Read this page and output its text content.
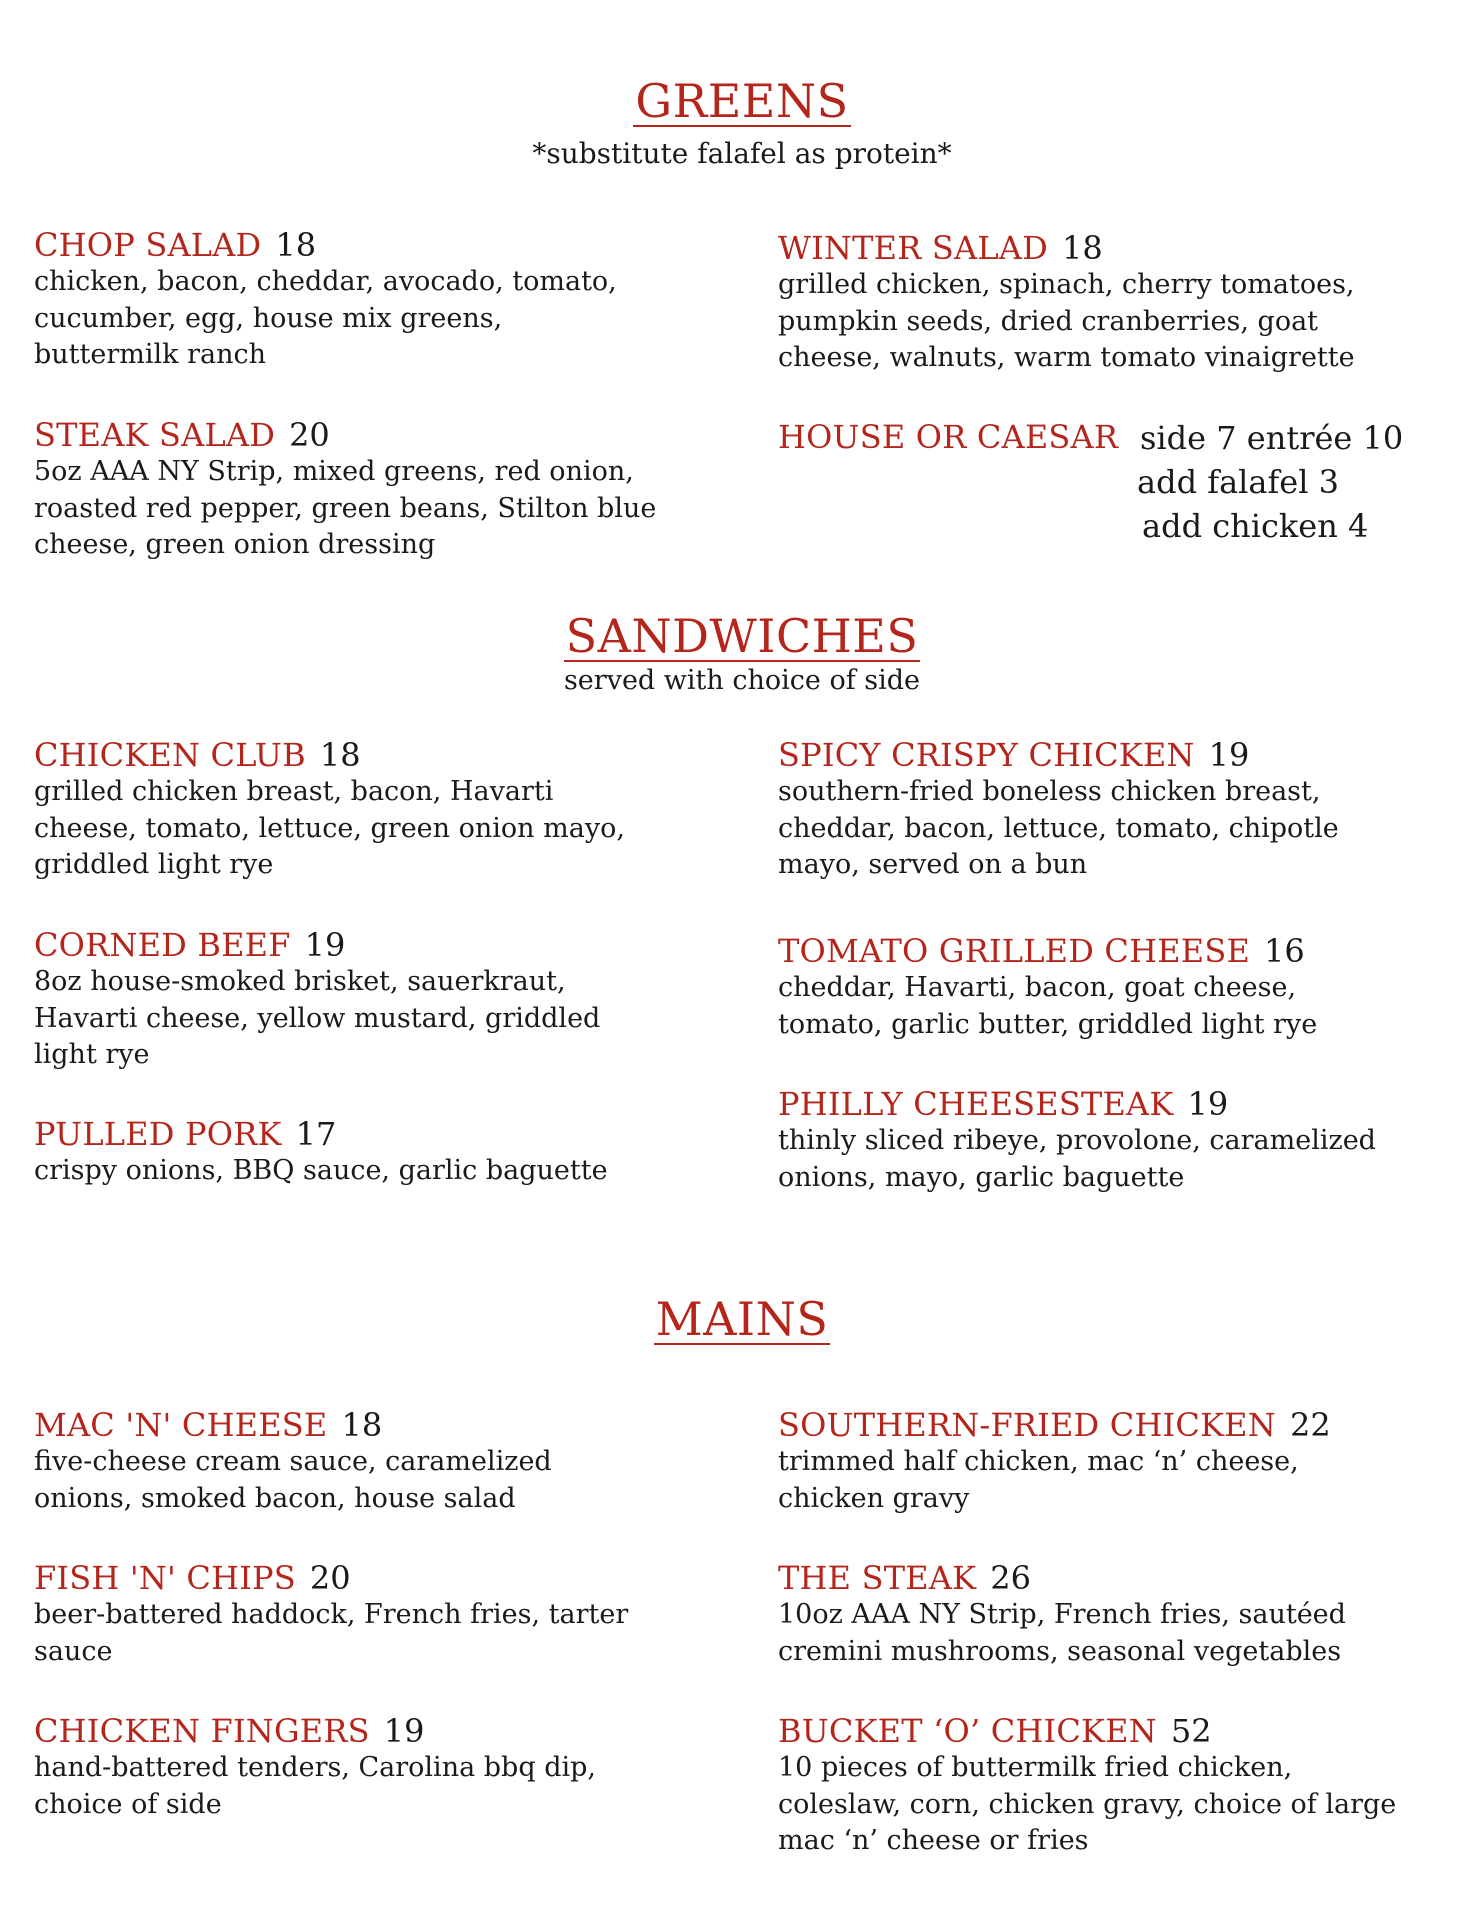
GREENS
*substitute falafel as protein*
CHOP SALAD 18
chicken, bacon, cheddar, avocado, tomato,
cucumber, egg, house mix greens,
buttermilk ranch
WINTER SALAD 18
grilled chicken, spinach, cherry tomatoes,
pumpkin seeds, dried cranberries, goat
cheese, walnuts, warm tomato vinaigrette
STEAK SALAD 20
5oz AAA NY Strip, mixed greens, red onion,
roasted red pepper, green beans, Stilton blue
cheese, green onion dressing
HOUSE OR CAESAR side 7 entrée 10
add falafel 3
add chicken 4
SANDWICHES
served with choice of side
CHICKEN CLUB 18
grilled chicken breast, bacon, Havarti
cheese, tomato, lettuce, green onion mayo,
griddled light rye
SPICY CRISPY CHICKEN 19
southern-fried boneless chicken breast,
cheddar, bacon, lettuce, tomato, chipotle
mayo, served on a bun
CORNED BEEF 19
8oz house-smoked brisket, sauerkraut,
Havarti cheese, yellow mustard, griddled
light rye
TOMATO GRILLED CHEESE 16
cheddar, Havarti, bacon, goat cheese,
tomato, garlic butter, griddled light rye
PULLED PORK 17
crispy onions, BBQ sauce, garlic baguette
PHILLY CHEESESTEAK 19
thinly sliced ribeye, provolone, caramelized
onions, mayo, garlic baguette
MAINS
MAC 'N' CHEESE 18
five-cheese cream sauce, caramelized
onions, smoked bacon, house salad
SOUTHERN-FRIED CHICKEN 22
trimmed half chicken, mac ‘n’ cheese,
chicken gravy
FISH 'N' CHIPS 20
beer-battered haddock, French fries, tarter
sauce
THE STEAK 26
10oz AAA NY Strip, French fries, sautéed
cremini mushrooms, seasonal vegetables
CHICKEN FINGERS 19
hand-battered tenders, Carolina bbq dip,
choice of side
BUCKET ‘O’ CHICKEN 52
10 pieces of buttermilk fried chicken,
coleslaw, corn, chicken gravy, choice of large
mac ‘n’ cheese or fries
